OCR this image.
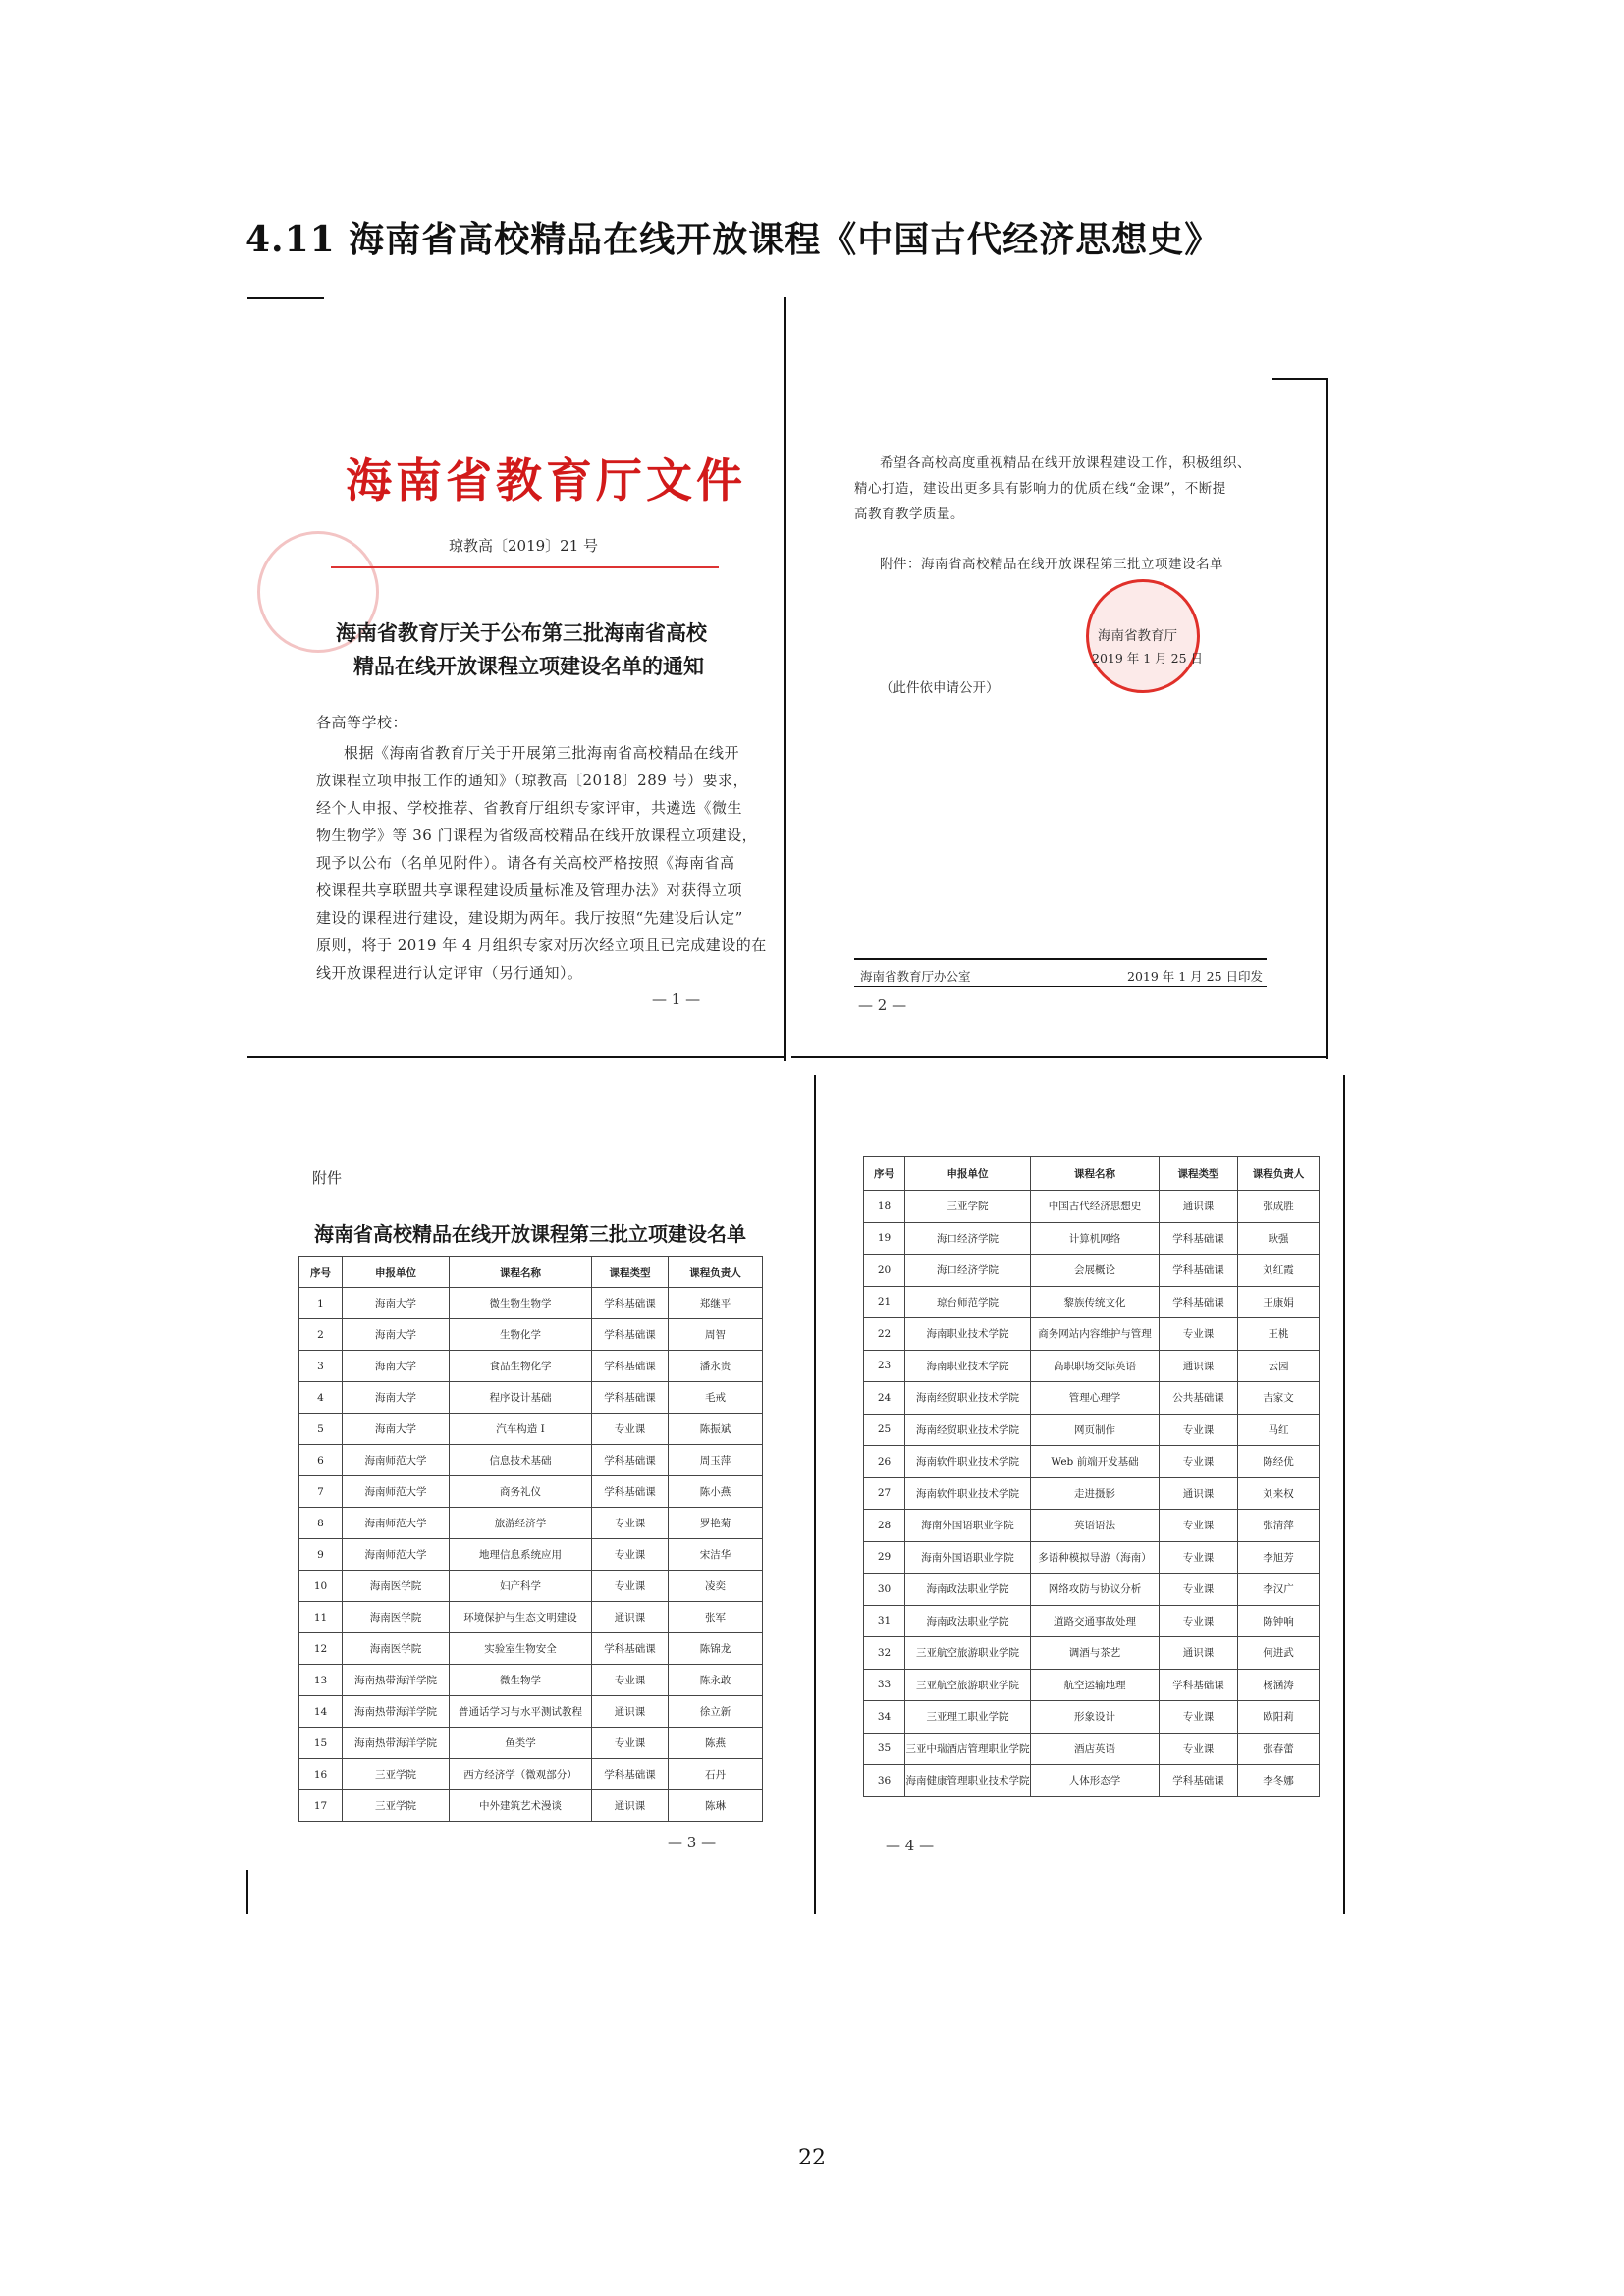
4.11 海南省高校精品在线开放课程《中国古代经济思想史》
海南省教育厅文件
琼教高〔2019〕21 号
海南省教育厅关于公布第三批海南省高校
精品在线开放课程立项建设名单的通知
各高等学校：
根据《海南省教育厅关于开展第三批海南省高校精品在线开
放课程立项申报工作的通知》（琼教高〔2018〕289 号）要求，
经个人申报、学校推荐、省教育厅组织专家评审，共遴选《微生
物生物学》等 36 门课程为省级高校精品在线开放课程立项建设，
现予以公布（名单见附件）。请各有关高校严格按照《海南省高
校课程共享联盟共享课程建设质量标准及管理办法》对获得立项
建设的课程进行建设，建设期为两年。我厅按照“先建设后认定”
原则，将于 2019 年 4 月组织专家对历次经立项且已完成建设的在
线开放课程进行认定评审（另行通知）。
— 1 —
希望各高校高度重视精品在线开放课程建设工作，积极组织、
精心打造，建设出更多具有影响力的优质在线“金课”，不断提
高教育教学质量。
附件：海南省高校精品在线开放课程第三批立项建设名单
海南省教育厅
2019 年 1 月 25 日
（此件依申请公开）
海南省教育厅办公室	2019 年 1 月 25 日印发
— 2 —
附件
海南省高校精品在线开放课程第三批立项建设名单
序号	申报单位	课程名称	课程类型	课程负责人
1	海南大学	微生物生物学	学科基础课	郑继平
2	海南大学	生物化学	学科基础课	周智
3	海南大学	食品生物化学	学科基础课	潘永贵
4	海南大学	程序设计基础	学科基础课	毛戒
5	海南大学	汽车构造 I	专业课	陈振斌
6	海南师范大学	信息技术基础	学科基础课	周玉萍
7	海南师范大学	商务礼仪	学科基础课	陈小燕
8	海南师范大学	旅游经济学	专业课	罗艳菊
9	海南师范大学	地理信息系统应用	专业课	宋洁华
10	海南医学院	妇产科学	专业课	凌奕
11	海南医学院	环境保护与生态文明建设	通识课	张军
12	海南医学院	实验室生物安全	学科基础课	陈锦龙
13	海南热带海洋学院	微生物学	专业课	陈永敢
14	海南热带海洋学院	普通话学习与水平测试教程	通识课	徐立新
15	海南热带海洋学院	鱼类学	专业课	陈燕
16	三亚学院	西方经济学（微观部分）	学科基础课	石丹
17	三亚学院	中外建筑艺术漫谈	通识课	陈琳
— 3 —
序号	申报单位	课程名称	课程类型	课程负责人
18	三亚学院	中国古代经济思想史	通识课	张成胜
19	海口经济学院	计算机网络	学科基础课	耿强
20	海口经济学院	会展概论	学科基础课	刘红霞
21	琼台师范学院	黎族传统文化	学科基础课	王康娟
22	海南职业技术学院	商务网站内容维护与管理	专业课	王桃
23	海南职业技术学院	高职职场交际英语	通识课	云园
24	海南经贸职业技术学院	管理心理学	公共基础课	吉家文
25	海南经贸职业技术学院	网页制作	专业课	马红
26	海南软件职业技术学院	Web 前端开发基础	专业课	陈经优
27	海南软件职业技术学院	走进摄影	通识课	刘来权
28	海南外国语职业学院	英语语法	专业课	张清萍
29	海南外国语职业学院	多语种模拟导游（海南）	专业课	李旭芳
30	海南政法职业学院	网络攻防与协议分析	专业课	李汉广
31	海南政法职业学院	道路交通事故处理	专业课	陈钟响
32	三亚航空旅游职业学院	调酒与茶艺	通识课	何进武
33	三亚航空旅游职业学院	航空运输地理	学科基础课	杨涵涛
34	三亚理工职业学院	形象设计	专业课	欧阳莉
35	三亚中瑞酒店管理职业学院	酒店英语	专业课	张春蕾
36	海南健康管理职业技术学院	人体形态学	学科基础课	李冬娜
— 4 —
22
